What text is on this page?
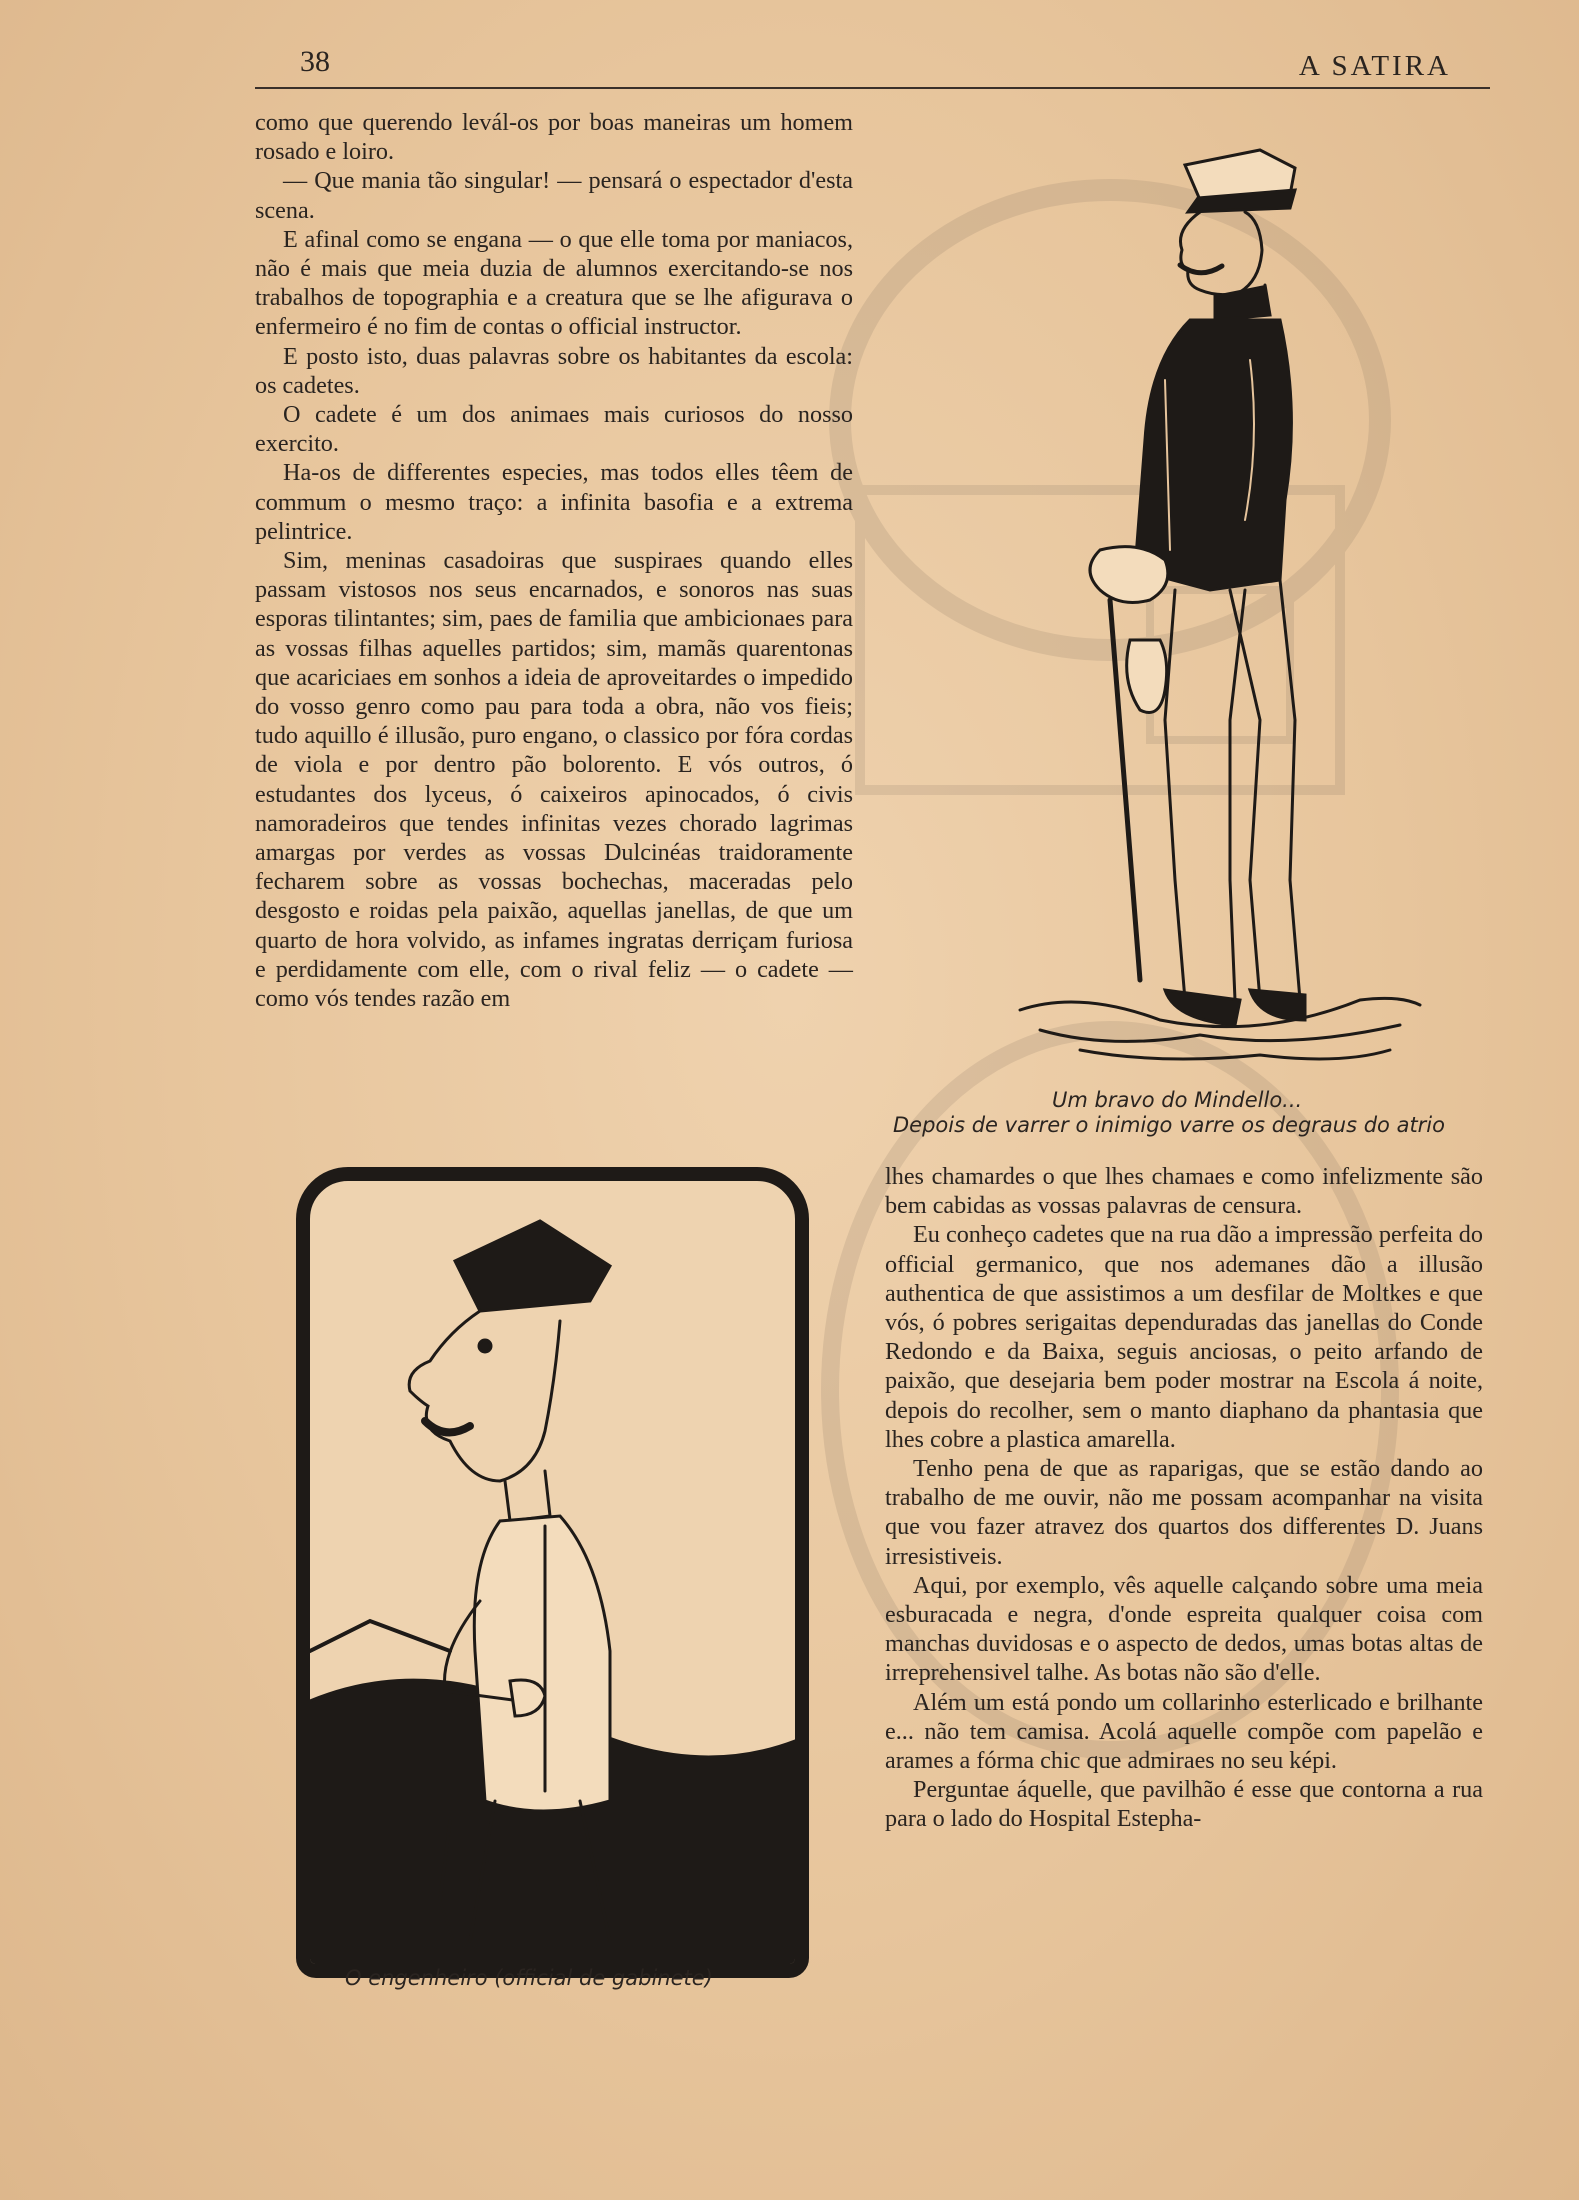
38	A SATIRA

como que querendo levál-os por boas maneiras um homem rosado e loiro.

— Que mania tão singular! — pensará o espectador d'esta scena.

E afinal como se engana — o que elle toma por maniacos, não é mais que meia duzia de alumnos exercitando-se nos trabalhos de topographia e a creatura que se lhe afigurava o enfermeiro é no fim de contas o official instructor.

E posto isto, duas palavras sobre os habitantes da escola: os cadetes.

O cadete é um dos animaes mais curiosos do nosso exercito.

Ha-os de differentes especies, mas todos elles têem de commum o mesmo traço: a infinita basofia e a extrema pelintrice.

Sim, meninas casadoiras que suspiraes quando elles passam vistosos nos seus encarnados, e sonoros nas suas esporas tilintantes; sim, paes de familia que ambicionaes para as vossas filhas aquelles partidos; sim, mamãs quarentonas que acariciaes em sonhos a ideia de aproveitardes o impedido do vosso genro como pau para toda a obra, não vos fieis; tudo aquillo é illusão, puro engano, o classico por fóra cordas de viola e por dentro pão bolorento. E vós outros, ó estudantes dos lyceus, ó caixeiros apinocados, ó civis namoradeiros que tendes infinitas vezes chorado lagrimas amargas por verdes as vossas Dulcinéas traidoramente fecharem sobre as vossas bochechas, maceradas pelo desgosto e roidas pela paixão, aquellas janellas, de que um quarto de hora volvido, as infames ingratas derriçam furiosa e perdidamente com elle, com o rival feliz — o cadete — como vós tendes razão em

Um bravo do Mindello...
Depois de varrer o inimigo varre os degraus do atrio

lhes chamardes o que lhes chamaes e como infelizmente são bem cabidas as vossas palavras de censura.

Eu conheço cadetes que na rua dão a impressão perfeita do official germanico, que nos ademanes dão a illusão authentica de que assistimos a um desfilar de Moltkes e que vós, ó pobres serigaitas dependuradas das janellas do Conde Redondo e da Baixa, seguis anciosas, o peito arfando de paixão, que desejaria bem poder mostrar na Escola á noite, depois do recolher, sem o manto diaphano da phantasia que lhes cobre a plastica amarella.

Tenho pena de que as raparigas, que se estão dando ao trabalho de me ouvir, não me possam acompanhar na visita que vou fazer atravez dos quartos dos differentes D. Juans irresistiveis.

Aqui, por exemplo, vês aquelle calçando sobre uma meia esburacada e negra, d'onde espreita qualquer coisa com manchas duvidosas e o aspecto de dedos, umas botas altas de irreprehensivel talhe. As botas não são d'elle.

Além um está pondo um collarinho esterlicado e brilhante e... não tem camisa. Acolá aquelle compõe com papelão e arames a fórma chic que admiraes no seu képi.

Perguntae áquelle, que pavilhão é esse que contorna a rua para o lado do Hospital Estepha-

O engenheiro (official de gabinete)
